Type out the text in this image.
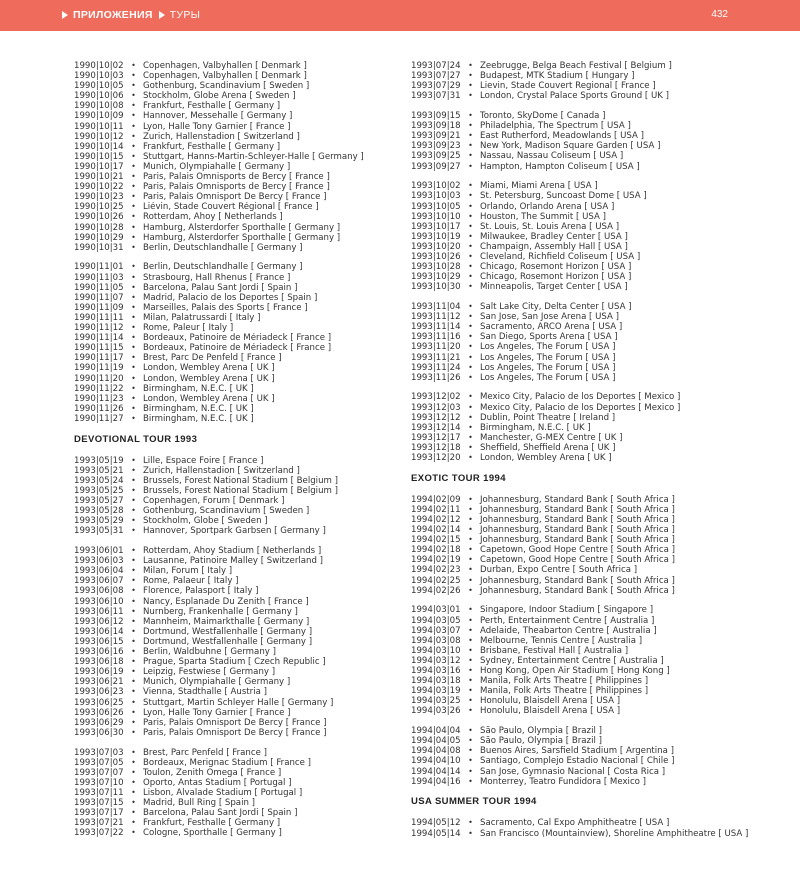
ПРИЛОЖЕНИЯ ТУРЫ	432
1990|10|02 • Copenhagen, Valbyhallen [ Denmark ]
1990|10|03 • Copenhagen, Valbyhallen [ Denmark ]
1990|10|05 • Gothenburg, Scandinavium [ Sweden ]
1990|10|06 • Stockholm, Globe Arena [ Sweden ]
1990|10|08 • Frankfurt, Festhalle [ Germany ]
1990|10|09 • Hannover, Messehalle [ Germany ]
1990|10|11 • Lyon, Halle Tony Garnier [ France ]
1990|10|12 • Zurich, Hallenstadion [ Switzerland ]
1990|10|14 • Frankfurt, Festhalle [ Germany ]
1990|10|15 • Stuttgart, Hanns-Martin-Schleyer-Halle [ Germany ]
1990|10|17 • Munich, Olympiahalle [ Germany ]
1990|10|21 • Paris, Palais Omnisports de Bercy [ France ]
1990|10|22 • Paris, Palais Omnisports de Bercy [ France ]
1990|10|23 • Paris, Palais Omnisport De Bercy [ France ]
1990|10|25 • Liévin, Stade Couvert Régional [ France ]
1990|10|26 • Rotterdam, Ahoy [ Netherlands ]
1990|10|28 • Hamburg, Alsterdorfer Sporthalle [ Germany ]
1990|10|29 • Hamburg, Alsterdorfer Sporthalle [ Germany ]
1990|10|31 • Berlin, Deutschlandhalle [ Germany ]
1990|11|01 • Berlin, Deutschlandhalle [ Germany ]
1990|11|03 • Strasbourg, Hall Rhenus [ France ]
1990|11|05 • Barcelona, Palau Sant Jordi [ Spain ]
1990|11|07 • Madrid, Palacio de los Deportes [ Spain ]
1990|11|09 • Marseilles, Palais des Sports [ France ]
1990|11|11 • Milan, Palatrussardi [ Italy ]
1990|11|12 • Rome, Paleur [ Italy ]
1990|11|14 • Bordeaux, Patinoire de Mériadeck [ France ]
1990|11|15 • Bordeaux, Patinoire de Mériadeck [ France ]
1990|11|17 • Brest, Parc De Penfeld [ France ]
1990|11|19 • London, Wembley Arena [ UK ]
1990|11|20 • London, Wembley Arena [ UK ]
1990|11|22 • Birmingham, N.E.C. [ UK ]
1990|11|23 • London, Wembley Arena [ UK ]
1990|11|26 • Birmingham, N.E.C. [ UK ]
1990|11|27 • Birmingham, N.E.C. [ UK ]
DEVOTIONAL TOUR 1993
1993|05|19 • Lille, Espace Foire [ France ]
1993|05|21 • Zurich, Hallenstadion [ Switzerland ]
1993|05|24 • Brussels, Forest National Stadium [ Belgium ]
1993|05|25 • Brussels, Forest National Stadium [ Belgium ]
1993|05|27 • Copenhagen, Forum [ Denmark ]
1993|05|28 • Gothenburg, Scandinavium [ Sweden ]
1993|05|29 • Stockholm, Globe [ Sweden ]
1993|05|31 • Hannover, Sportpark Garbsen [ Germany ]
1993|06|01 • Rotterdam, Ahoy Stadium [ Netherlands ]
1993|06|03 • Lausanne, Patinoire Malley [ Switzerland ]
1993|06|04 • Milan, Forum [ Italy ]
1993|06|07 • Rome, Palaeur [ Italy ]
1993|06|08 • Florence, Palasport [ Italy ]
1993|06|10 • Nancy, Esplanade Du Zenith [ France ]
1993|06|11 • Nurnberg, Frankenhalle [ Germany ]
1993|06|12 • Mannheim, Maimarkthalle [ Germany ]
1993|06|14 • Dortmund, Westfallenhalle [ Germany ]
1993|06|15 • Dortmund, Westfallenhalle [ Germany ]
1993|06|16 • Berlin, Waldbuhne [ Germany ]
1993|06|18 • Prague, Sparta Stadium [ Czech Republic ]
1993|06|19 • Leipzig, Festwiese [ Germany ]
1993|06|21 • Munich, Olympiahalle [ Germany ]
1993|06|23 • Vienna, Stadthalle [ Austria ]
1993|06|25 • Stuttgart, Martin Schleyer Halle [ Germany ]
1993|06|26 • Lyon, Halle Tony Garnier [ France ]
1993|06|29 • Paris, Palais Omnisport De Bercy [ France ]
1993|06|30 • Paris, Palais Omnisport De Bercy [ France ]
1993|07|03 • Brest, Parc Penfeld [ France ]
1993|07|05 • Bordeaux, Merignac Stadium [ France ]
1993|07|07 • Toulon, Zenith Omega [ France ]
1993|07|10 • Oporto, Antas Stadium [ Portugal ]
1993|07|11 • Lisbon, Alvalade Stadium [ Portugal ]
1993|07|15 • Madrid, Bull Ring [ Spain ]
1993|07|17 • Barcelona, Palau Sant Jordi [ Spain ]
1993|07|21 • Frankfurt, Festhalle [ Germany ]
1993|07|22 • Cologne, Sporthalle [ Germany ]
1993|07|24 • Zeebrugge, Belga Beach Festival [ Belgium ]
1993|07|27 • Budapest, MTK Stadium [ Hungary ]
1993|07|29 • Lievin, Stade Couvert Regional [ France ]
1993|07|31 • London, Crystal Palace Sports Ground [ UK ]
1993|09|15 • Toronto, SkyDome [ Canada ]
1993|09|18 • Philadelphia, The Spectrum [ USA ]
1993|09|21 • East Rutherford, Meadowlands [ USA ]
1993|09|23 • New York, Madison Square Garden [ USA ]
1993|09|25 • Nassau, Nassau Coliseum [ USA ]
1993|09|27 • Hampton, Hampton Coliseum [ USA ]
1993|10|02 • Miami, Miami Arena [ USA ]
1993|10|03 • St. Petersburg, Suncoast Dome [ USA ]
1993|10|05 • Orlando, Orlando Arena [ USA ]
1993|10|10 • Houston, The Summit [ USA ]
1993|10|17 • St. Louis, St. Louis Arena [ USA ]
1993|10|19 • Milwaukee, Bradley Center [ USA ]
1993|10|20 • Champaign, Assembly Hall [ USA ]
1993|10|26 • Cleveland, Richfield Coliseum [ USA ]
1993|10|28 • Chicago, Rosemont Horizon [ USA ]
1993|10|29 • Chicago, Rosemont Horizon [ USA ]
1993|10|30 • Minneapolis, Target Center [ USA ]
1993|11|04 • Salt Lake City, Delta Center [ USA ]
1993|11|12 • San Jose, San Jose Arena [ USA ]
1993|11|14 • Sacramento, ARCO Arena [ USA ]
1993|11|16 • San Diego, Sports Arena [ USA ]
1993|11|20 • Los Angeles, The Forum [ USA ]
1993|11|21 • Los Angeles, The Forum [ USA ]
1993|11|24 • Los Angeles, The Forum [ USA ]
1993|11|26 • Los Angeles, The Forum [ USA ]
1993|12|02 • Mexico City, Palacio de los Deportes [ Mexico ]
1993|12|03 • Mexico City, Palacio de los Deportes [ Mexico ]
1993|12|12 • Dublin, Point Theatre [ Ireland ]
1993|12|14 • Birmingham, N.E.C. [ UK ]
1993|12|17 • Manchester, G-MEX Centre [ UK ]
1993|12|18 • Sheffield, Sheffield Arena [ UK ]
1993|12|20 • London, Wembley Arena [ UK ]
EXOTIC TOUR 1994
1994|02|09 • Johannesburg, Standard Bank [ South Africa ]
1994|02|11 • Johannesburg, Standard Bank [ South Africa ]
1994|02|12 • Johannesburg, Standard Bank [ South Africa ]
1994|02|14 • Johannesburg, Standard Bank [ South Africa ]
1994|02|15 • Johannesburg, Standard Bank [ South Africa ]
1994|02|18 • Capetown, Good Hope Centre [ South Africa ]
1994|02|19 • Capetown, Good Hope Centre [ South Africa ]
1994|02|23 • Durban, Expo Centre [ South Africa ]
1994|02|25 • Johannesburg, Standard Bank [ South Africa ]
1994|02|26 • Johannesburg, Standard Bank [ South Africa ]
1994|03|01 • Singapore, Indoor Stadium [ Singapore ]
1994|03|05 • Perth, Entertainment Centre [ Australia ]
1994|03|07 • Adelaide, Theabarton Centre [ Australia ]
1994|03|08 • Melbourne, Tennis Centre [ Australia ]
1994|03|10 • Brisbane, Festival Hall [ Australia ]
1994|03|12 • Sydney, Entertainment Centre [ Australia ]
1994|03|16 • Hong Kong, Open Air Stadium [ Hong Kong ]
1994|03|18 • Manila, Folk Arts Theatre [ Philippines ]
1994|03|19 • Manila, Folk Arts Theatre [ Philippines ]
1994|03|25 • Honolulu, Blaisdell Arena [ USA ]
1994|03|26 • Honolulu, Blaisdell Arena [ USA ]
1994|04|04 • São Paulo, Olympia [ Brazil ]
1994|04|05 • São Paulo, Olympia [ Brazil ]
1994|04|08 • Buenos Aires, Sarsfield Stadium [ Argentina ]
1994|04|10 • Santiago, Complejo Estadio Nacional [ Chile ]
1994|04|14 • San Jose, Gymnasio Nacional [ Costa Rica ]
1994|04|16 • Monterrey, Teatro Fundidora [ Mexico ]
USA SUMMER TOUR 1994
1994|05|12 • Sacramento, Cal Expo Amphitheatre [ USA ]
1994|05|14 • San Francisco (Mountainview), Shoreline Amphitheatre [ USA ]
